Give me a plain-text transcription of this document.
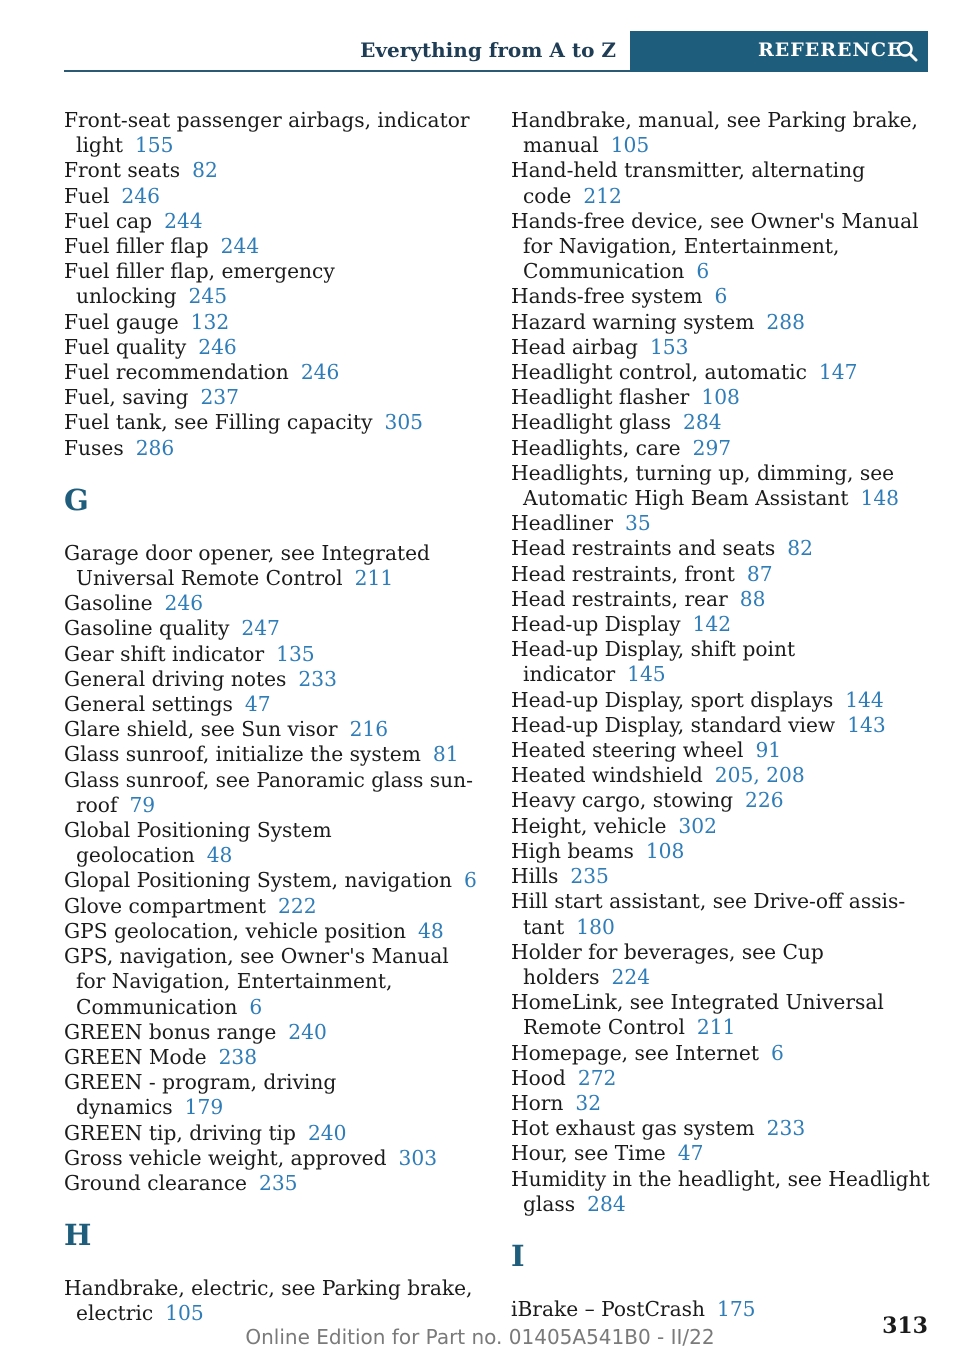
Everything from A to Z	REFERENCE
Front-seat passenger airbags, indicator light 155
Front seats 82
Fuel 246
Fuel cap 244
Fuel filler flap 244
Fuel filler flap, emergency unlocking 245
Fuel gauge 132
Fuel quality 246
Fuel recommendation 246
Fuel, saving 237
Fuel tank, see Filling capacity 305
Fuses 286
G
Garage door opener, see Integrated Universal Remote Control 211
Gasoline 246
Gasoline quality 247
Gear shift indicator 135
General driving notes 233
General settings 47
Glare shield, see Sun visor 216
Glass sunroof, initialize the system 81
Glass sunroof, see Panoramic glass sunroof 79
Global Positioning System geolocation 48
Glopal Positioning System, navigation 6
Glove compartment 222
GPS geolocation, vehicle position 48
GPS, navigation, see Owner's Manual for Navigation, Entertainment, Communication 6
GREEN bonus range 240
GREEN Mode 238
GREEN - program, driving dynamics 179
GREEN tip, driving tip 240
Gross vehicle weight, approved 303
Ground clearance 235
H
Handbrake, electric, see Parking brake, electric 105
Handbrake, manual, see Parking brake, manual 105
Hand-held transmitter, alternating code 212
Hands-free device, see Owner's Manual for Navigation, Entertainment, Communication 6
Hands-free system 6
Hazard warning system 288
Head airbag 153
Headlight control, automatic 147
Headlight flasher 108
Headlight glass 284
Headlights, care 297
Headlights, turning up, dimming, see Automatic High Beam Assistant 148
Headliner 35
Head restraints and seats 82
Head restraints, front 87
Head restraints, rear 88
Head-up Display 142
Head-up Display, shift point indicator 145
Head-up Display, sport displays 144
Head-up Display, standard view 143
Heated steering wheel 91
Heated windshield 205, 208
Heavy cargo, stowing 226
Height, vehicle 302
High beams 108
Hills 235
Hill start assistant, see Drive-off assistant 180
Holder for beverages, see Cup holders 224
HomeLink, see Integrated Universal Remote Control 211
Homepage, see Internet 6
Hood 272
Horn 32
Hot exhaust gas system 233
Hour, see Time 47
Humidity in the headlight, see Headlight glass 284
I
iBrake – PostCrash 175
313
Online Edition for Part no. 01405A541B0 - II/22
